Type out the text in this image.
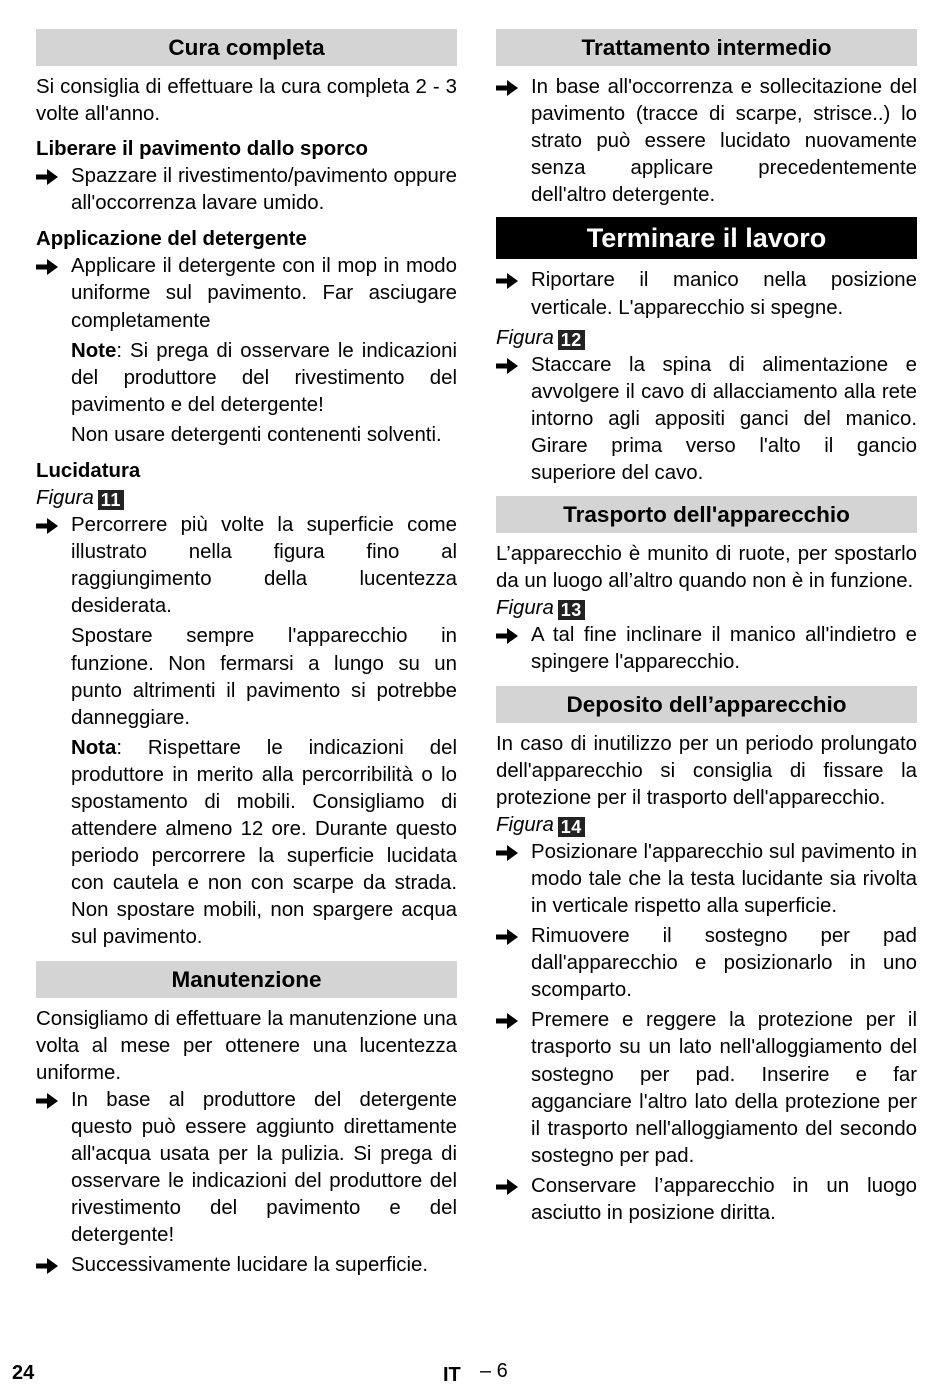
Cura completa

Si consiglia di effettuare la cura completa 2 - 3 volte all'anno.

Liberare il pavimento dallo sporco

Spazzare il rivestimento/pavimento oppure all'occorrenza lavare umido.

Applicazione del detergente

Applicare il detergente con il mop in modo uniforme sul pavimento. Far asciugare completamente

Note: Si prega di osservare le indicazioni del produttore del rivestimento del pavimento e del detergente!

Non usare detergenti contenenti solventi.

Lucidatura

Figura 11

Percorrere più volte la superficie come illustrato nella figura fino al raggiungimento della lucentezza desiderata.

Spostare sempre l'apparecchio in funzione. Non fermarsi a lungo su un punto altrimenti il pavimento si potrebbe danneggiare.

Nota: Rispettare le indicazioni del produttore in merito alla percorribilità o lo spostamento di mobili. Consigliamo di attendere almeno 12 ore. Durante questo periodo percorrere la superficie lucidata con cautela e non con scarpe da strada. Non spostare mobili, non spargere acqua sul pavimento.

Manutenzione

Consigliamo di effettuare la manutenzione una volta al mese per ottenere una lucentezza uniforme.

In base al produttore del detergente questo può essere aggiunto direttamente all'acqua usata per la pulizia. Si prega di osservare le indicazioni del produttore del rivestimento del pavimento e del detergente!
Successivamente lucidare la superficie.
Trattamento intermedio
In base all'occorrenza e sollecitazione del pavimento (tracce di scarpe, strisce..) lo strato può essere lucidato nuovamente senza applicare precedentemente dell'altro detergente.
Terminare il lavoro
Riportare il manico nella posizione verticale. L'apparecchio si spegne.

Figura 12

Staccare la spina di alimentazione e avvolgere il cavo di allacciamento alla rete intorno agli appositi ganci del manico. Girare prima verso l'alto il gancio superiore del cavo.
Trasporto dell'apparecchio

L’apparecchio è munito di ruote, per spostarlo da un luogo all’altro quando non è in funzione.

Figura 13

A tal fine inclinare il manico all'indietro e spingere l'apparecchio.
Deposito dell’apparecchio

In caso di inutilizzo per un periodo prolungato dell'apparecchio si consiglia di fissare la protezione per il trasporto dell'apparecchio.

Figura 14

Posizionare l'apparecchio sul pavimento in modo tale che la testa lucidante sia rivolta in verticale rispetto alla superficie.
Rimuovere il sostegno per pad dall'apparecchio e posizionarlo in uno scomparto.
Premere e reggere la protezione per il trasporto su un lato nell'alloggiamento del sostegno per pad. Inserire e far agganciare l'altro lato della protezione per il trasporto nell'alloggiamento del secondo sostegno per pad.
Conservare l’apparecchio in un luogo asciutto in posizione diritta.
24	IT – 6
